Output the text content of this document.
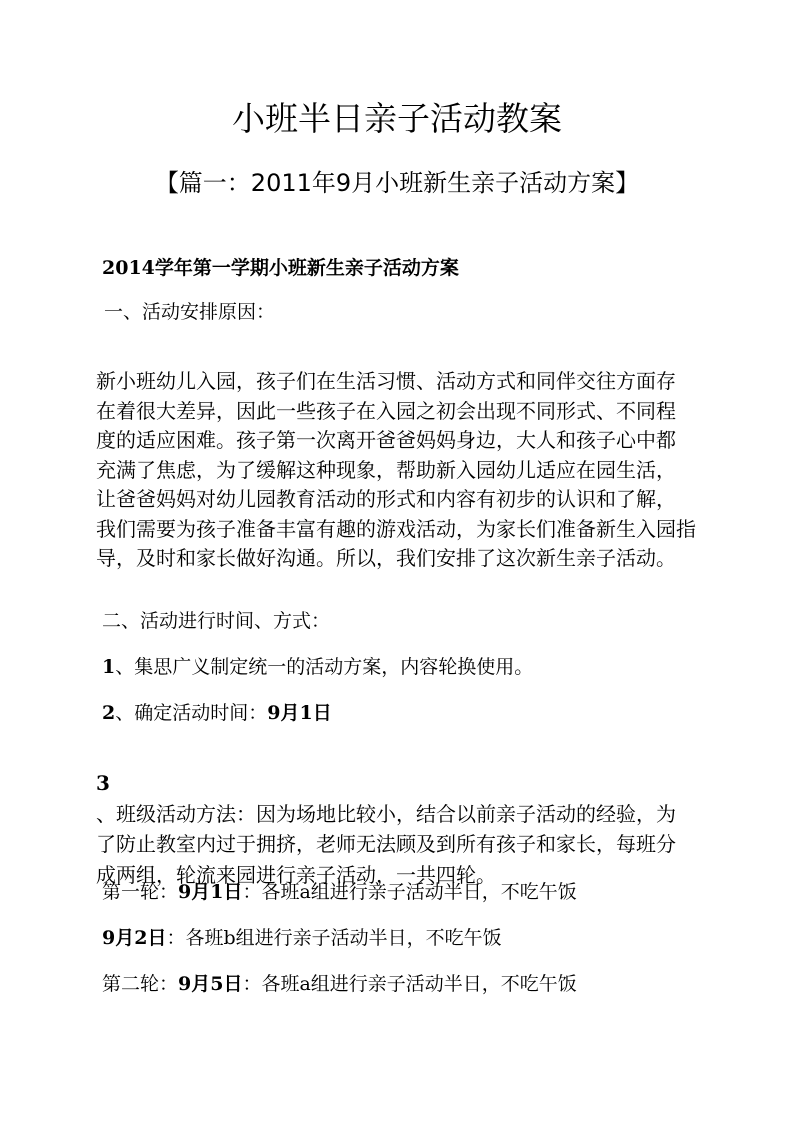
小班半日亲子活动教案
【篇一：2011年9月小班新生亲子活动方案】
2014学年第一学期小班新生亲子活动方案
一、活动安排原因：
新小班幼儿入园，孩子们在生活习惯、活动方式和同伴交往方面存
在着很大差异，因此一些孩子在入园之初会出现不同形式、不同程
度的适应困难。孩子第一次离开爸爸妈妈身边，大人和孩子心中都
充满了焦虑，为了缓解这种现象，帮助新入园幼儿适应在园生活，
让爸爸妈妈对幼儿园教育活动的形式和内容有初步的认识和了解，
我们需要为孩子准备丰富有趣的游戏活动，为家长们准备新生入园指
导，及时和家长做好沟通。所以，我们安排了这次新生亲子活动。
二、活动进行时间、方式：
1、集思广义制定统一的活动方案，内容轮换使用。
2、确定活动时间：9月1日
3
、班级活动方法：因为场地比较小，结合以前亲子活动的经验，为
了防止教室内过于拥挤，老师无法顾及到所有孩子和家长，每班分
成两组，轮流来园进行亲子活动，一共四轮。
第一轮：9月1日：各班a组进行亲子活动半日，不吃午饭
9月2日：各班b组进行亲子活动半日，不吃午饭
第二轮：9月5日：各班a组进行亲子活动半日，不吃午饭
